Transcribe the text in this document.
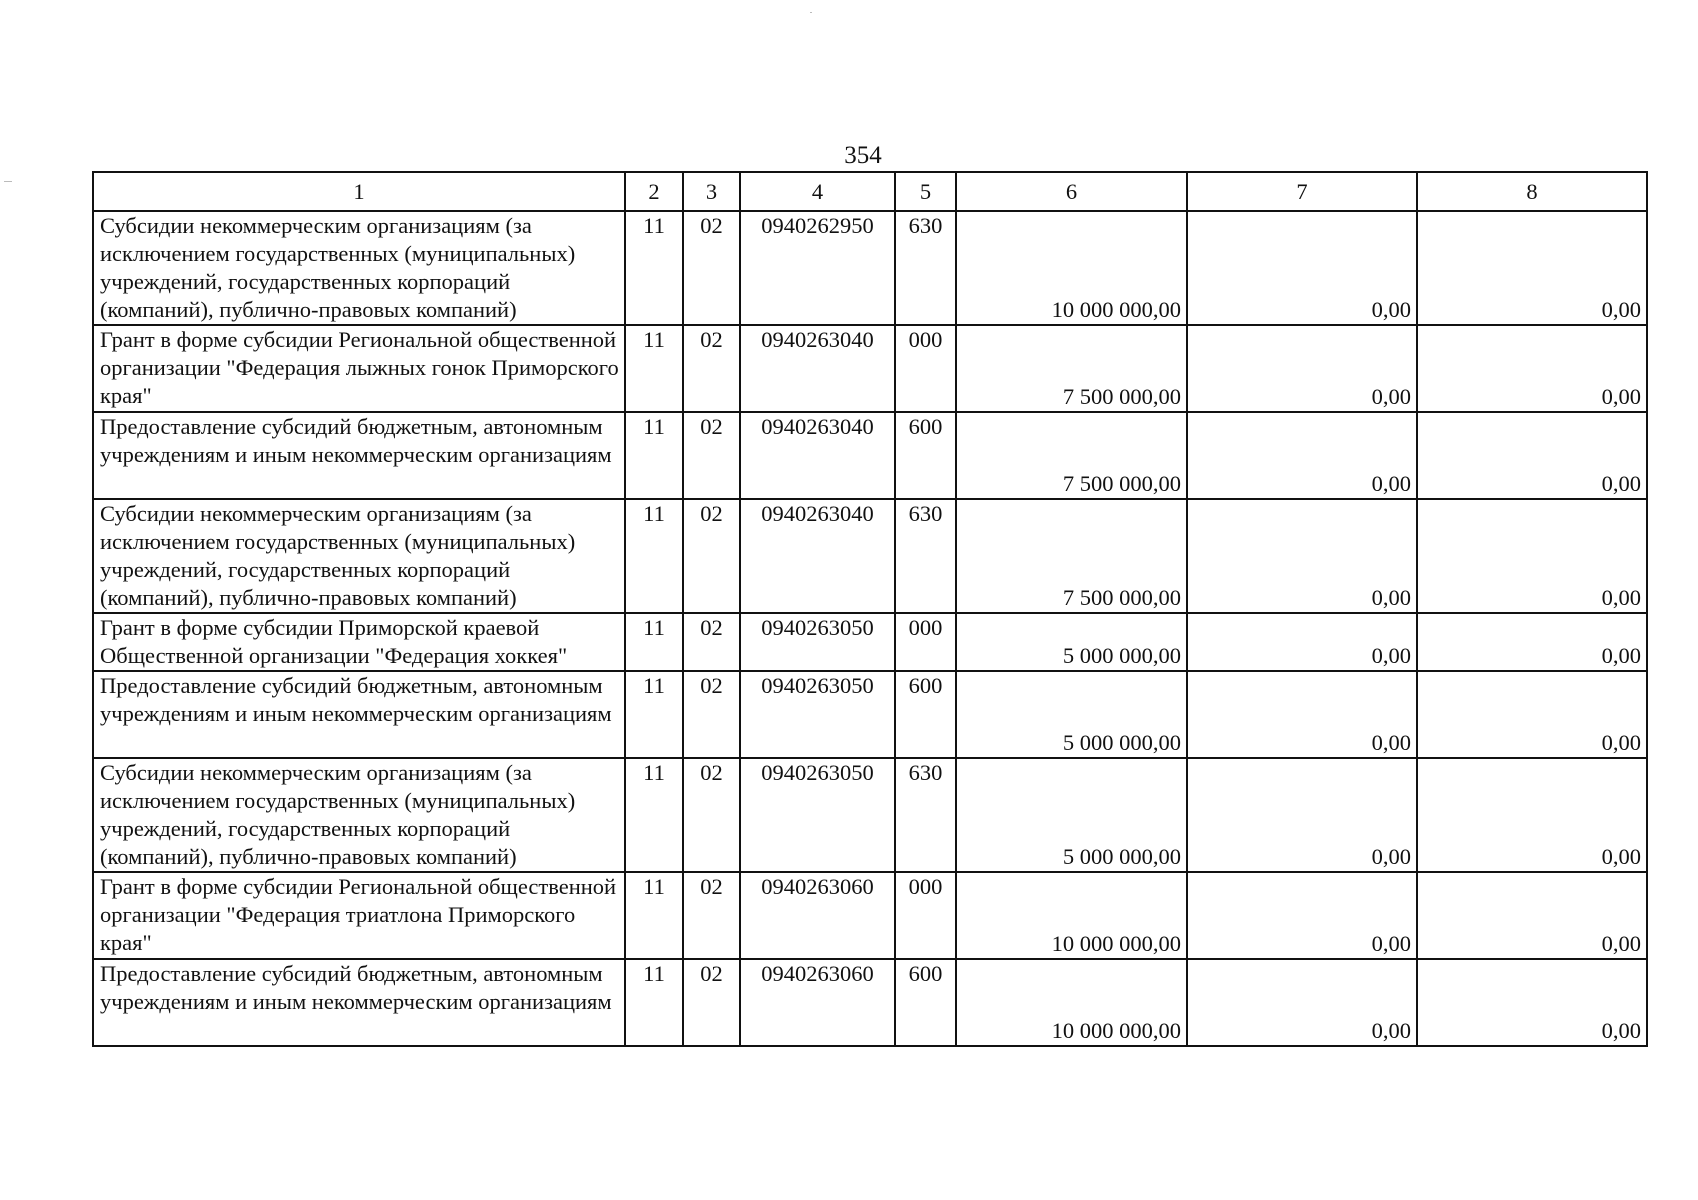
354
1	2	3	4	5	6	7	8
Субсидии некоммерческим организациям (за исключением государственных (муниципальных) учреждений, государственных корпораций (компаний), публично-правовых компаний)	11	02	0940262950	630	10 000 000,00	0,00	0,00
Грант в форме субсидии Региональной общественной организации "Федерация лыжных гонок Приморского края"	11	02	0940263040	000	7 500 000,00	0,00	0,00
Предоставление субсидий бюджетным, автономным учреждениям и иным некоммерческим организациям	11	02	0940263040	600	7 500 000,00	0,00	0,00
Субсидии некоммерческим организациям (за исключением государственных (муниципальных) учреждений, государственных корпораций (компаний), публично-правовых компаний)	11	02	0940263040	630	7 500 000,00	0,00	0,00
Грант в форме субсидии Приморской краевой Общественной организации "Федерация хоккея"	11	02	0940263050	000	5 000 000,00	0,00	0,00
Предоставление субсидий бюджетным, автономным учреждениям и иным некоммерческим организациям	11	02	0940263050	600	5 000 000,00	0,00	0,00
Субсидии некоммерческим организациям (за исключением государственных (муниципальных) учреждений, государственных корпораций (компаний), публично-правовых компаний)	11	02	0940263050	630	5 000 000,00	0,00	0,00
Грант в форме субсидии Региональной общественной организации "Федерация триатлона Приморского края"	11	02	0940263060	000	10 000 000,00	0,00	0,00
Предоставление субсидий бюджетным, автономным учреждениям и иным некоммерческим организациям	11	02	0940263060	600	10 000 000,00	0,00	0,00
